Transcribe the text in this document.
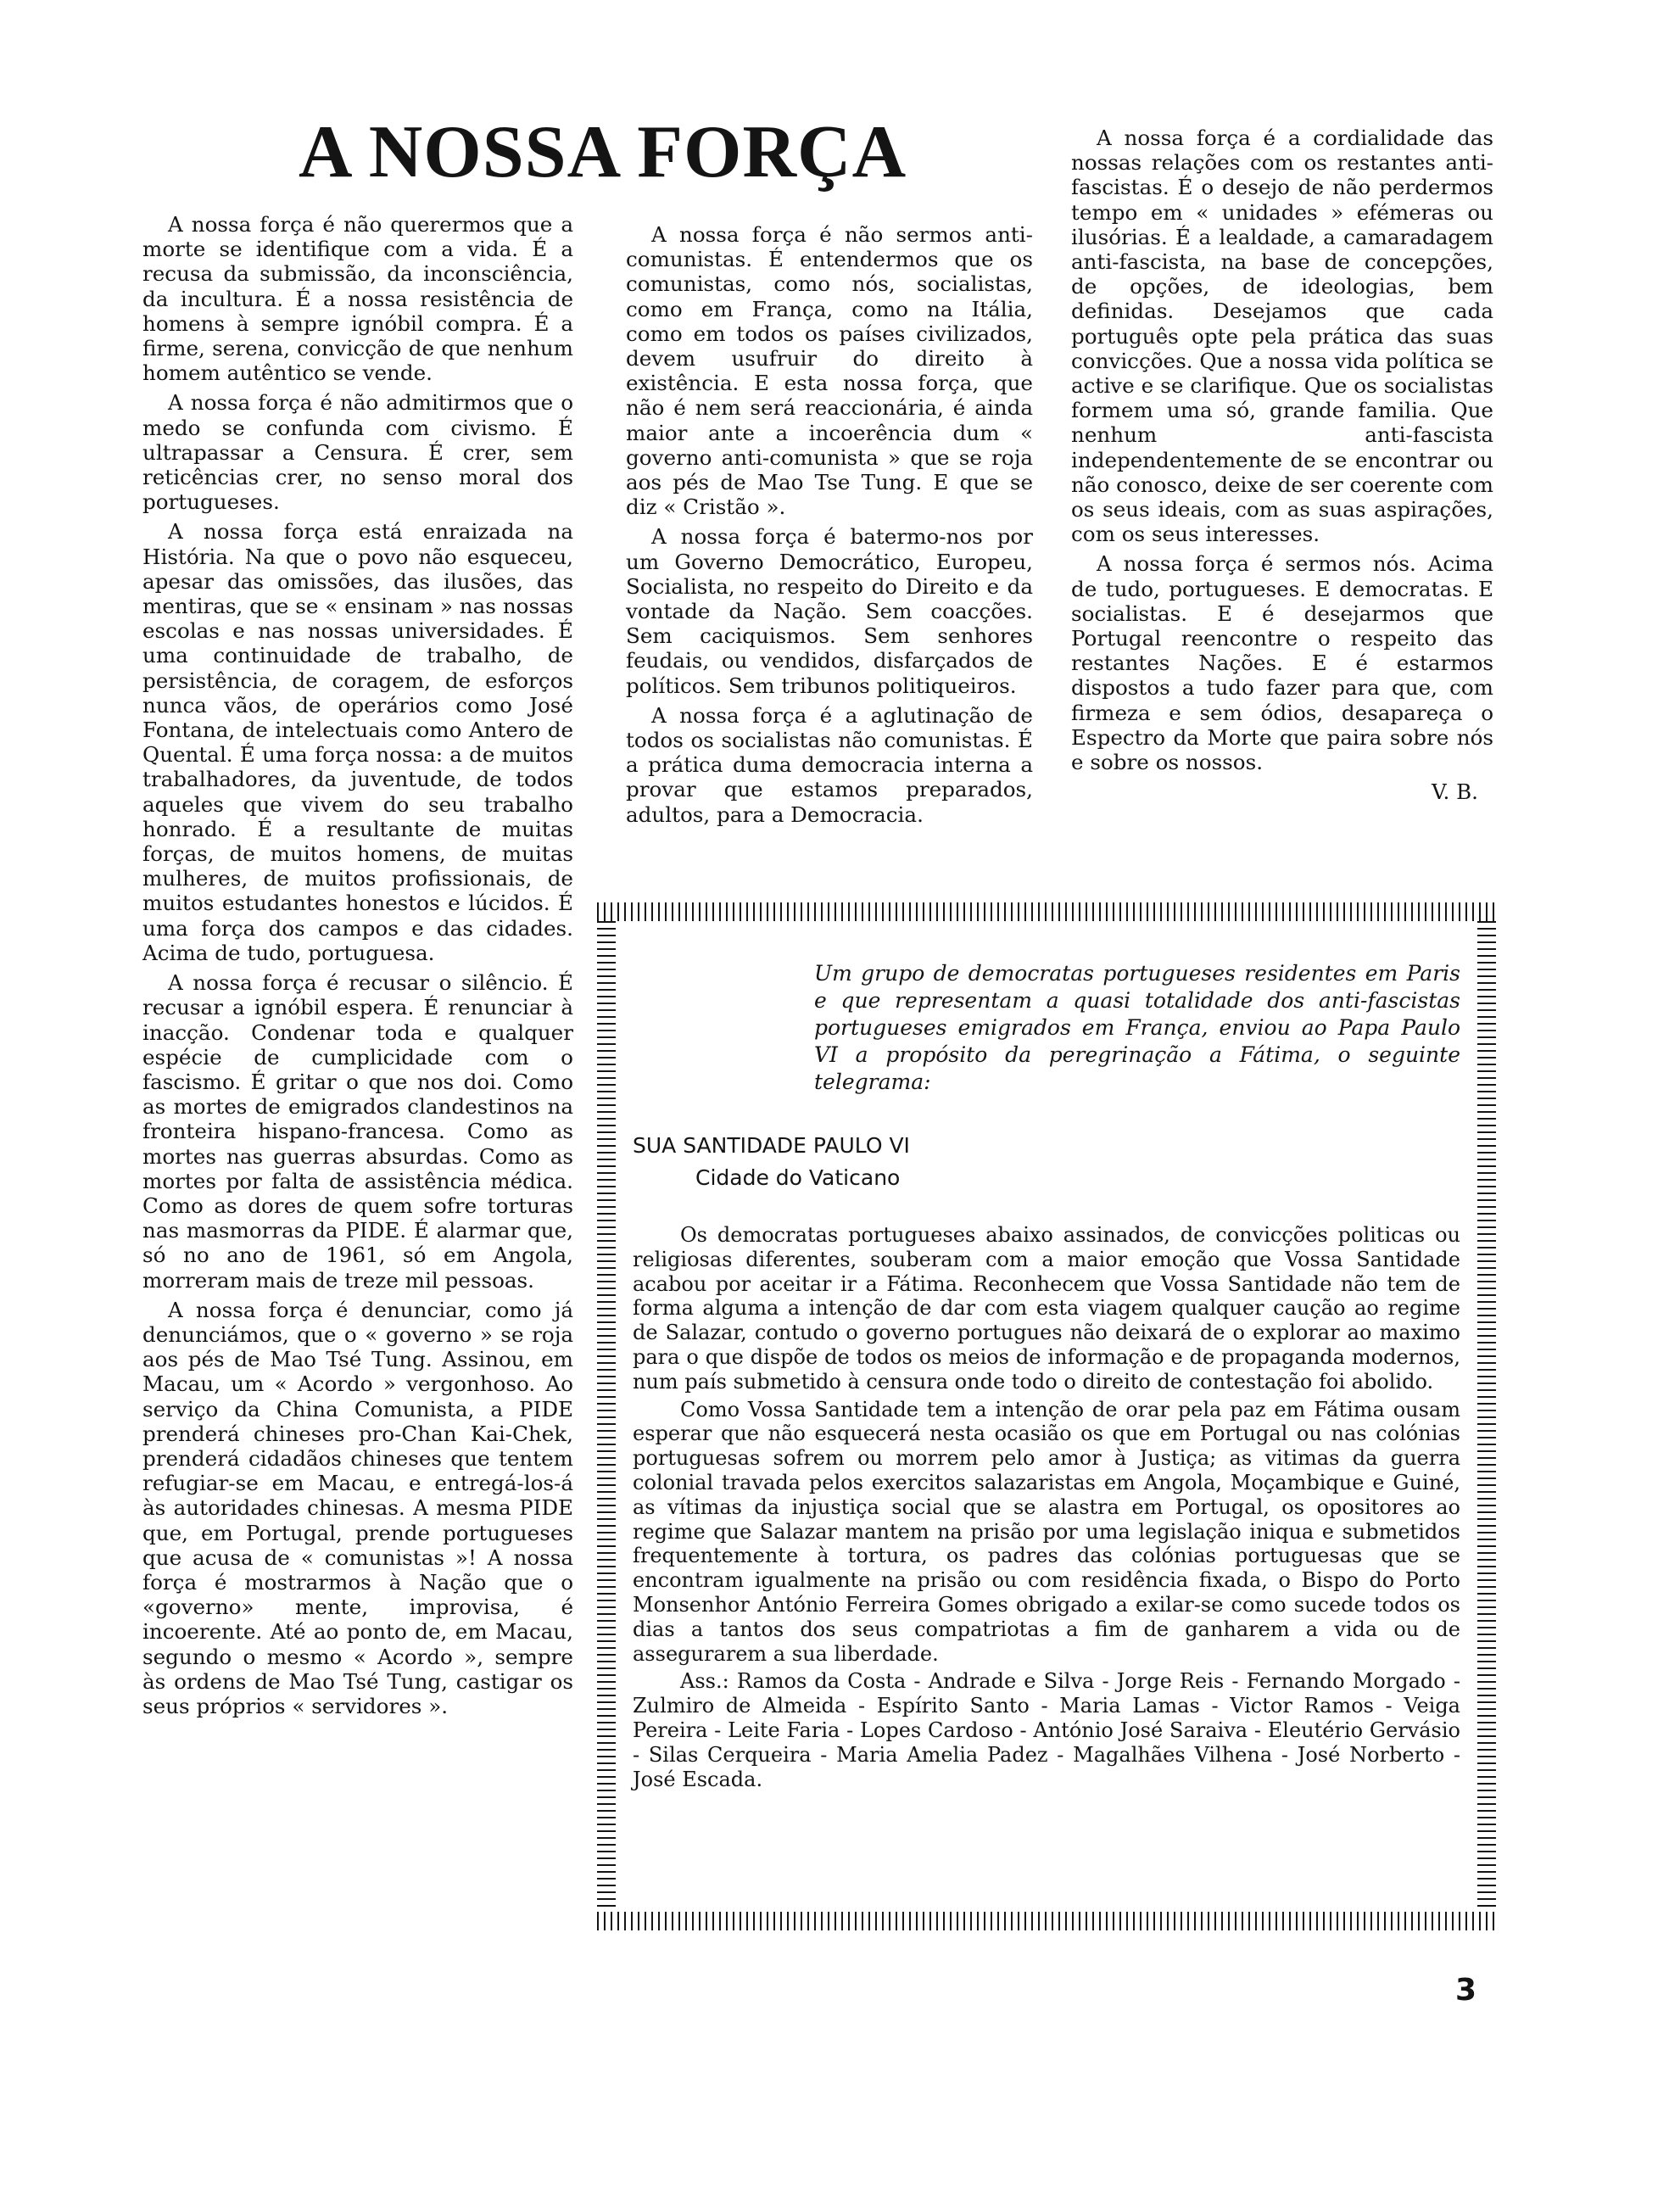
A NOSSA FORÇA

A nossa força é não querermos que a morte se identifique com a vida. É a recusa da submissão, da inconsciência, da incultura. É a nossa resistência de homens à sempre ignóbil compra. É a firme, serena, convicção de que nenhum homem autêntico se vende.

A nossa força é não admitirmos que o medo se confunda com civismo. É ultrapassar a Censura. É crer, sem reticências crer, no senso moral dos portugueses.

A nossa força está enraizada na História. Na que o povo não esqueceu, apesar das omissões, das ilusões, das mentiras, que se « ensinam » nas nossas escolas e nas nossas universidades. É uma continuidade de trabalho, de persistência, de coragem, de esforços nunca vãos, de operários como José Fontana, de intelectuais como Antero de Quental. É uma força nossa: a de muitos trabalhadores, da juventude, de todos aqueles que vivem do seu trabalho honrado. É a resultante de muitas forças, de muitos homens, de muitas mulheres, de muitos profissionais, de muitos estudantes honestos e lúcidos. É uma força dos campos e das cidades. Acima de tudo, portuguesa.

A nossa força é recusar o silêncio. É recusar a ignóbil espera. É renunciar à inacção. Condenar toda e qualquer espécie de cumplicidade com o fascismo. É gritar o que nos doi. Como as mortes de emigrados clandestinos na fronteira hispano-francesa. Como as mortes nas guerras absurdas. Como as mortes por falta de assistência médica. Como as dores de quem sofre torturas nas masmorras da PIDE. É alarmar que, só no ano de 1961, só em Angola, morreram mais de treze mil pessoas.

A nossa força é denunciar, como já denunciámos, que o « governo » se roja aos pés de Mao Tsé Tung. Assinou, em Macau, um « Acordo » vergonhoso. Ao serviço da China Comunista, a PIDE prenderá chineses pro-Chan Kai-Chek, prenderá cidadãos chineses que tentem refugiar-se em Macau, e entregá-los-á às autoridades chinesas. A mesma PIDE que, em Portugal, prende portugueses que acusa de « comunistas »! A nossa força é mostrarmos à Nação que o «governo» mente, improvisa, é incoerente. Até ao ponto de, em Macau, segundo o mesmo « Acordo », sempre às ordens de Mao Tsé Tung, castigar os seus próprios « servidores ».

A nossa força é não sermos anti-comunistas. É entendermos que os comunistas, como nós, socialistas, como em França, como na Itália, como em todos os países civilizados, devem usufruir do direito à existência. E esta nossa força, que não é nem será reaccionária, é ainda maior ante a incoerência dum « governo anti-comunista » que se roja aos pés de Mao Tse Tung. E que se diz « Cristão ».

A nossa força é batermo-nos por um Governo Democrático, Europeu, Socialista, no respeito do Direito e da vontade da Nação. Sem coacções. Sem caciquismos. Sem senhores feudais, ou vendidos, disfarçados de políticos. Sem tribunos politiqueiros.

A nossa força é a aglutinação de todos os socialistas não comunistas. É a prática duma democracia interna a provar que estamos preparados, adultos, para a Democracia.

A nossa força é a cordialidade das nossas relações com os restantes anti-fascistas. É o desejo de não perdermos tempo em « unidades » efémeras ou ilusórias. É a lealdade, a camaradagem anti-fascista, na base de concepções, de opções, de ideologias, bem definidas. Desejamos que cada português opte pela prática das suas convicções. Que a nossa vida política se active e se clarifique. Que os socialistas formem uma só, grande familia. Que nenhum anti-fascista independentemente de se encontrar ou não conosco, deixe de ser coerente com os seus ideais, com as suas aspirações, com os seus interesses.

A nossa força é sermos nós. Acima de tudo, portugueses. E democratas. E socialistas. E é desejarmos que Portugal reencontre o respeito das restantes Nações. E é estarmos dispostos a tudo fazer para que, com firmeza e sem ódios, desapareça o Espectro da Morte que paira sobre nós e sobre os nossos.

V. B.

Um grupo de democratas portugueses residentes em Paris e que representam a quasi totalidade dos anti-fascistas portugueses emigrados em França, enviou ao Papa Paulo VI a propósito da peregrinação a Fátima, o seguinte telegrama:

SUA SANTIDADE PAULO VI
Cidade do Vaticano

Os democratas portugueses abaixo assinados, de convicções politicas ou religiosas diferentes, souberam com a maior emoção que Vossa Santidade acabou por aceitar ir a Fátima. Reconhecem que Vossa Santidade não tem de forma alguma a intenção de dar com esta viagem qualquer caução ao regime de Salazar, contudo o governo portugues não deixará de o explorar ao maximo para o que dispõe de todos os meios de informação e de propaganda modernos, num país submetido à censura onde todo o direito de contestação foi abolido.

Como Vossa Santidade tem a intenção de orar pela paz em Fátima ousam esperar que não esquecerá nesta ocasião os que em Portugal ou nas colónias portuguesas sofrem ou morrem pelo amor à Justiça; as vitimas da guerra colonial travada pelos exercitos salazaristas em Angola, Moçambique e Guiné, as vítimas da injustiça social que se alastra em Portugal, os opositores ao regime que Salazar mantem na prisão por uma legislação iniqua e submetidos frequentemente à tortura, os padres das colónias portuguesas que se encontram igualmente na prisão ou com residência fixada, o Bispo do Porto Monsenhor António Ferreira Gomes obrigado a exilar-se como sucede todos os dias a tantos dos seus compatriotas a fim de ganharem a vida ou de assegurarem a sua liberdade.

Ass.: Ramos da Costa - Andrade e Silva - Jorge Reis - Fernando Morgado - Zulmiro de Almeida - Espírito Santo - Maria Lamas - Victor Ramos - Veiga Pereira - Leite Faria - Lopes Cardoso - António José Saraiva - Eleutério Gervásio - Silas Cerqueira - Maria Amelia Padez - Magalhães Vilhena - José Norberto - José Escada.

3
